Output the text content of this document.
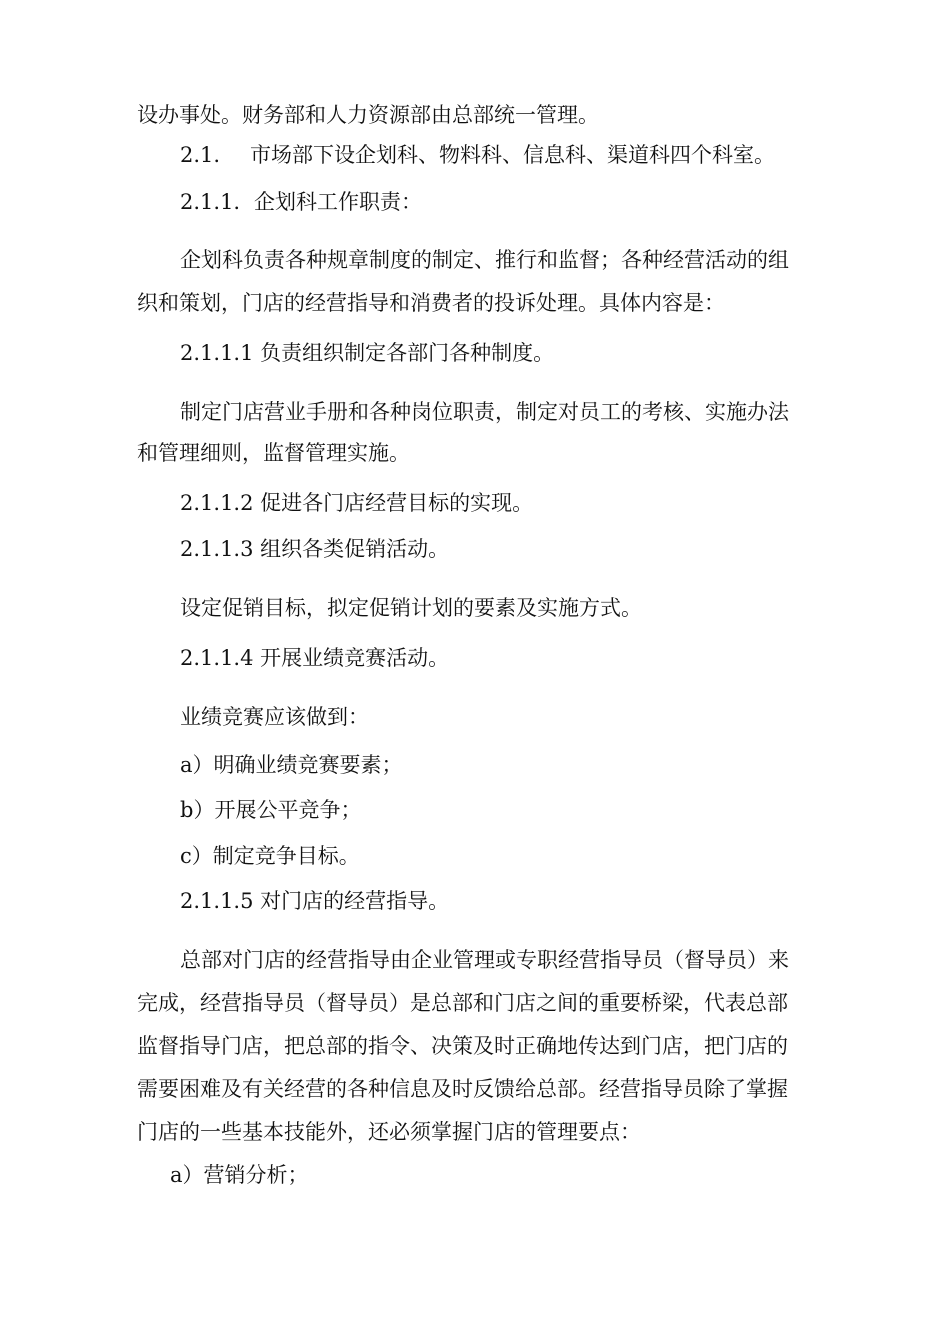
设办事处。财务部和人力资源部由总部统一管理。
2.1. 市场部下设企划科、物料科、信息科、渠道科四个科室。
2.1.1. 企划科工作职责：
企划科负责各种规章制度的制定、推行和监督；各种经营活动的组
织和策划，门店的经营指导和消费者的投诉处理。具体内容是：
2.1.1.1 负责组织制定各部门各种制度。
制定门店营业手册和各种岗位职责，制定对员工的考核、实施办法
和管理细则，监督管理实施。
2.1.1.2 促进各门店经营目标的实现。
2.1.1.3 组织各类促销活动。
设定促销目标，拟定促销计划的要素及实施方式。
2.1.1.4 开展业绩竞赛活动。
业绩竞赛应该做到：
a）明确业绩竞赛要素；
b）开展公平竞争；
c）制定竞争目标。
2.1.1.5 对门店的经营指导。
总部对门店的经营指导由企业管理或专职经营指导员（督导员）来
完成，经营指导员（督导员）是总部和门店之间的重要桥梁，代表总部
监督指导门店，把总部的指令、决策及时正确地传达到门店，把门店的
需要困难及有关经营的各种信息及时反馈给总部。经营指导员除了掌握
门店的一些基本技能外，还必须掌握门店的管理要点：
a）营销分析；
